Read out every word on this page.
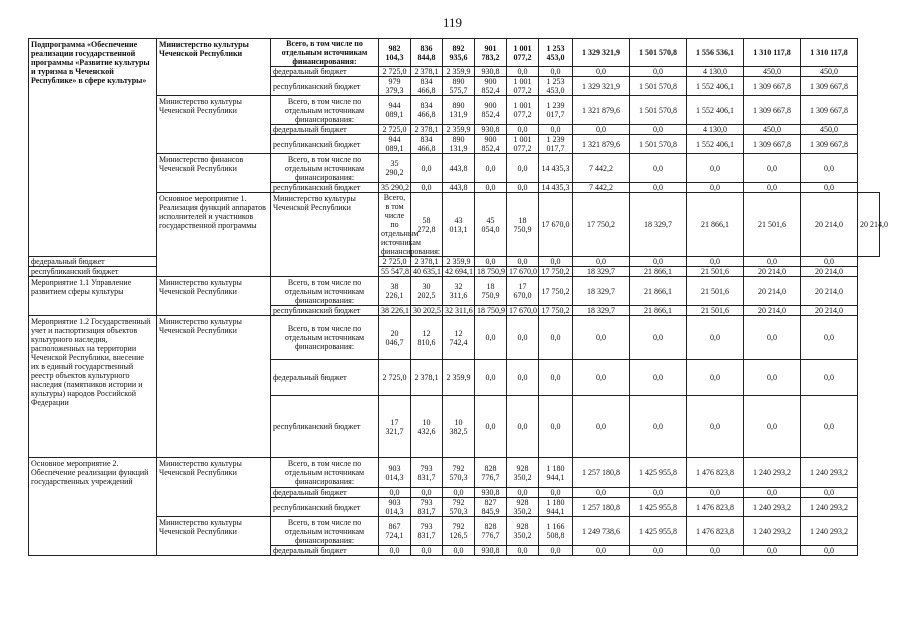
119
Подпрограмма «Обеспечение реализации государственной программы «Развитие культуры и туризма в Чеченской Республике» в сфере культуры»	Министерство культуры Чеченской Республики	Всего, в том числе по отдельным источникам финансирования:	982 104,3	836 844,8	892 935,6	901 783,2	1 001 077,2	1 253 453,0	1 329 321,9	1 501 570,8	1 556 536,1	1 310 117,8	1 310 117,8	
		федеральный бюджет	2 725,0	2 378,1	2 359,9	930,8	0,0	0,0	0,0	0,0	4 130,0	450,0	450,0	
		республиканский бюджет	979 379,3	834 466,8	890 575,7	900 852,4	1 001 077,2	1 253 453,0	1 329 321,9	1 501 570,8	1 552 406,1	1 309 667,8	1 309 667,8	
	Министерство культуры Чеченской Республики	Всего, в том числе по отдельным источникам финансирования:	944 089,1	834 466,8	890 131,9	900 852,4	1 001 077,2	1 239 017,7	1 321 879,6	1 501 570,8	1 552 406,1	1 309 667,8	1 309 667,8	
		федеральный бюджет	2 725,0	2 378,1	2 359,9	930,8	0,0	0,0	0,0	0,0	4 130,0	450,0	450,0	
		республиканский бюджет	944 089,1	834 466,8	890 131,9	900 852,4	1 001 077,2	1 239 017,7	1 321 879,6	1 501 570,8	1 552 406,1	1 309 667,8	1 309 667,8	
	Министерство финансов Чеченской Республики	Всего, в том числе по отдельным источникам финансирования:	35 290,2	0,0	443,8	0,0	0,0	14 435,3	7 442,2	0,0	0,0	0,0	0,0	
		республиканский бюджет	35 290,2	0,0	443,8	0,0	0,0	14 435,3	7 442,2	0,0	0,0	0,0	0,0	
	Основное мероприятие 1. Реализация функций аппаратов исполнителей и участников государственной программы	Министерство культуры Чеченской Республики	Всего, в том числе по отдельным источникам финансирования:	58 272,8	43 013,1	45 054,0	18 750,9	17 670,0	17 750,2	18 329,7	21 866,1	21 501,6	20 214,0	20 214,0
федеральный бюджет			2 725,0	2 378,1	2 359,9	0,0	0,0	0,0	0,0	0,0	0,0	0,0	0,0	
республиканский бюджет			55 547,8	40 635,1	42 694,1	18 750,9	17 670,0	17 750,2	18 329,7	21 866,1	21 501,6	20 214,0	20 214,0	
Мероприятие 1.1 Управление развитием сферы культуры	Министерство культуры Чеченской Республики	Всего, в том числе по отдельным источникам финансирования:	38 226,1	30 202,5	32 311,6	18 750,9	17 670,0	17 750,2	18 329,7	21 866,1	21 501,6	20 214,0	20 214,0	
		республиканский бюджет	38 226,1	30 202,5	32 311,6	18 750,9	17 670,0	17 750,2	18 329,7	21 866,1	21 501,6	20 214,0	20 214,0	
Мероприятие 1.2 Государственный учет и паспортизация объектов культурного наследия, расположенных на территории Чеченской Республики, внесение их в единый государственный реестр объектов культурного наследия (памятников истории и культуры) народов Российской Федерации	Министерство культуры Чеченской Республики	Всего, в том числе по отдельным источникам финансирования:	20 046,7	12 810,6	12 742,4	0,0	0,0	0,0	0,0	0,0	0,0	0,0	0,0	
		федеральный бюджет	2 725,0	2 378,1	2 359,9	0,0	0,0	0,0	0,0	0,0	0,0	0,0	0,0	
		республиканский бюджет	17 321,7	10 432,6	10 382,5	0,0	0,0	0,0	0,0	0,0	0,0	0,0	0,0	
Основное мероприятие 2. Обеспечение реализации функций государственных учреждений	Министерство культуры Чеченской Республики	Всего, в том числе по отдельным источникам финансирования:	903 014,3	793 831,7	792 570,3	828 776,7	928 350,2	1 180 944,1	1 257 180,8	1 425 955,8	1 476 823,8	1 240 293,2	1 240 293,2	
		федеральный бюджет	0,0	0,0	0,0	930,8	0,0	0,0	0,0	0,0	0,0	0,0	0,0	
		республиканский бюджет	903 014,3	793 831,7	792 570,3	827 845,9	928 350,2	1 180 944,1	1 257 180,8	1 425 955,8	1 476 823,8	1 240 293,2	1 240 293,2	
	Министерство культуры Чеченской Республики	Всего, в том числе по отдельным источникам финансирования:	867 724,1	793 831,7	792 126,5	828 776,7	928 350,2	1 166 508,8	1 249 738,6	1 425 955,8	1 476 823,8	1 240 293,2	1 240 293,2	
		федеральный бюджет	0,0	0,0	0,0	930,8	0,0	0,0	0,0	0,0	0,0	0,0	0,0	
